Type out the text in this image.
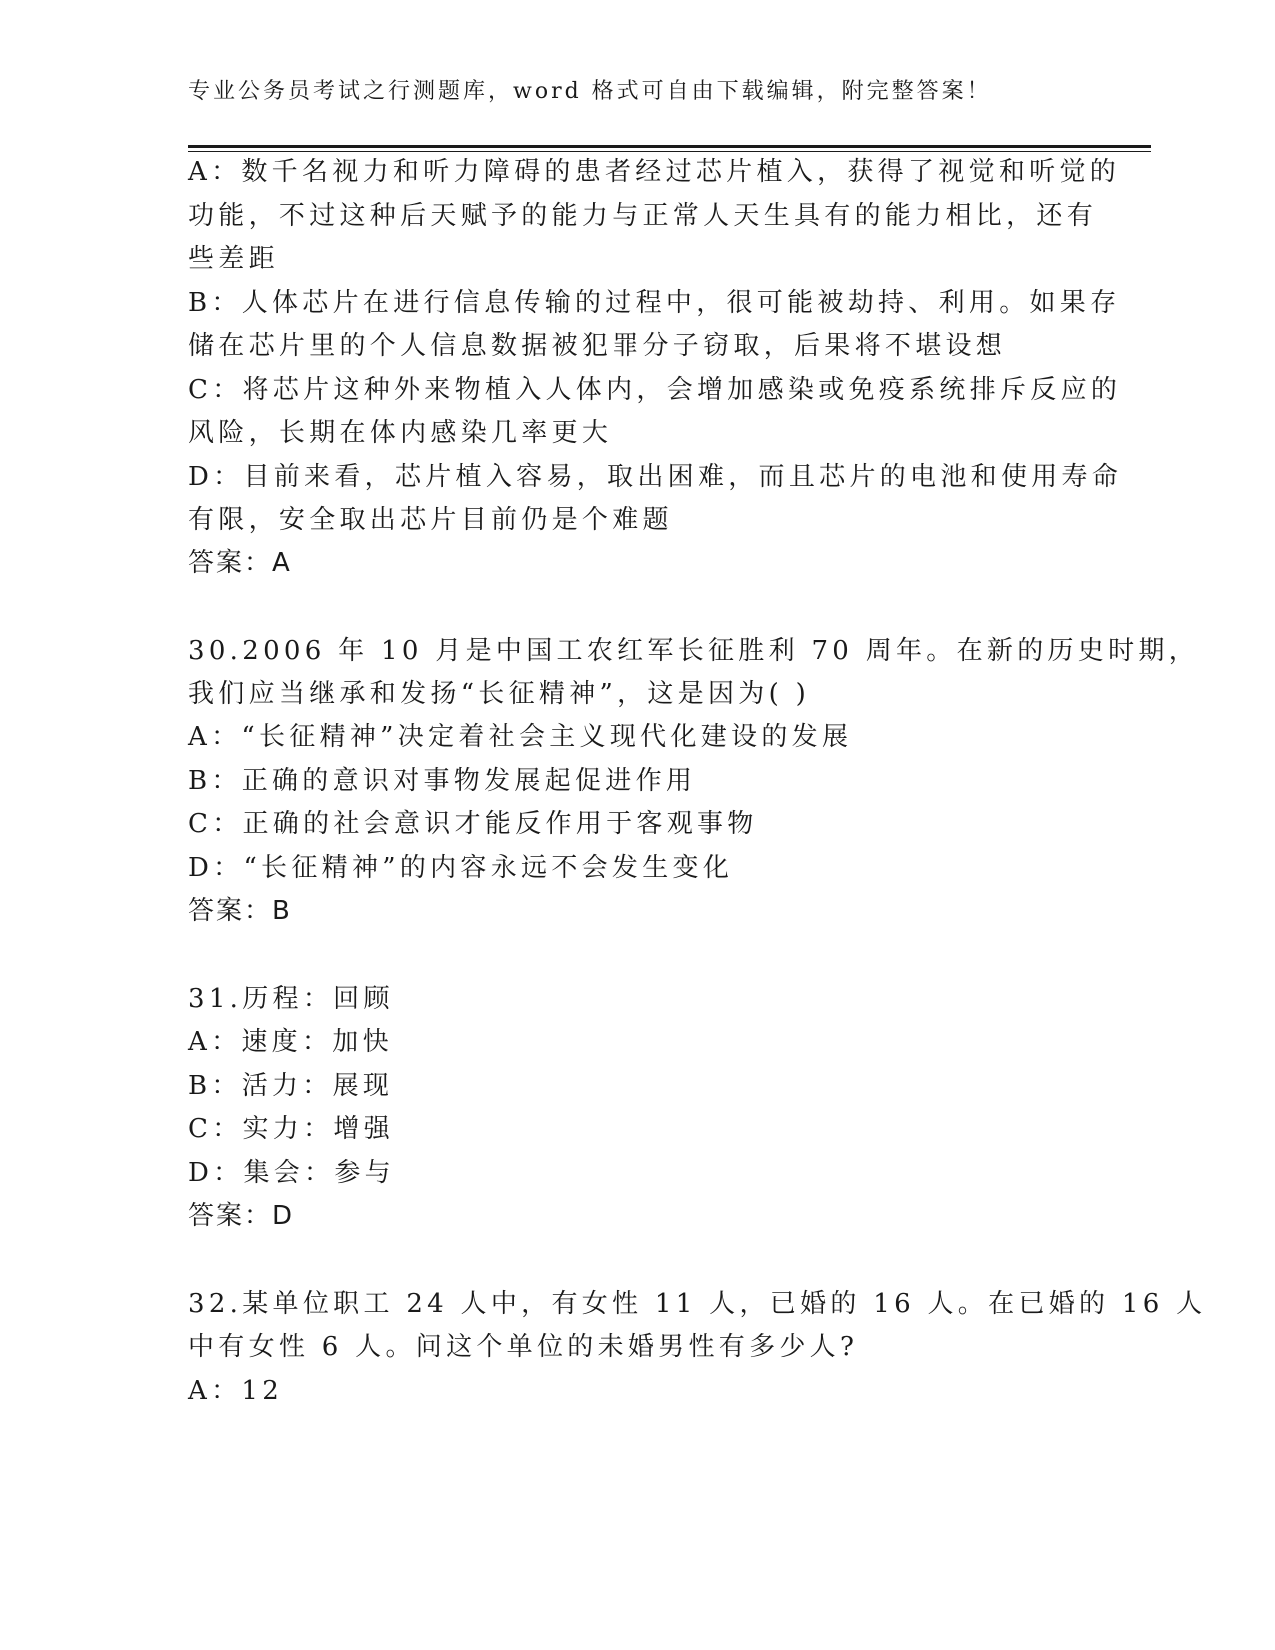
专业公务员考试之行测题库，word 格式可自由下载编辑，附完整答案！
A：数千名视力和听力障碍的患者经过芯片植入，获得了视觉和听觉的
功能，不过这种后天赋予的能力与正常人天生具有的能力相比，还有
些差距
B：人体芯片在进行信息传输的过程中，很可能被劫持、利用。如果存
储在芯片里的个人信息数据被犯罪分子窃取，后果将不堪设想
C：将芯片这种外来物植入人体内，会增加感染或免疫系统排斥反应的
风险，长期在体内感染几率更大
D：目前来看，芯片植入容易，取出困难，而且芯片的电池和使用寿命
有限，安全取出芯片目前仍是个难题
答案：A
30.2006 年 10 月是中国工农红军长征胜利 70 周年。在新的历史时期，
我们应当继承和发扬“长征精神”，这是因为( )
A：“长征精神”决定着社会主义现代化建设的发展
B：正确的意识对事物发展起促进作用
C：正确的社会意识才能反作用于客观事物
D：“长征精神”的内容永远不会发生变化
答案：B
31.历程：回顾
A：速度：加快
B：活力：展现
C：实力：增强
D：集会：参与
答案：D
32.某单位职工 24 人中，有女性 11 人，已婚的 16 人。在已婚的 16 人
中有女性 6 人。问这个单位的未婚男性有多少人?
A：12
